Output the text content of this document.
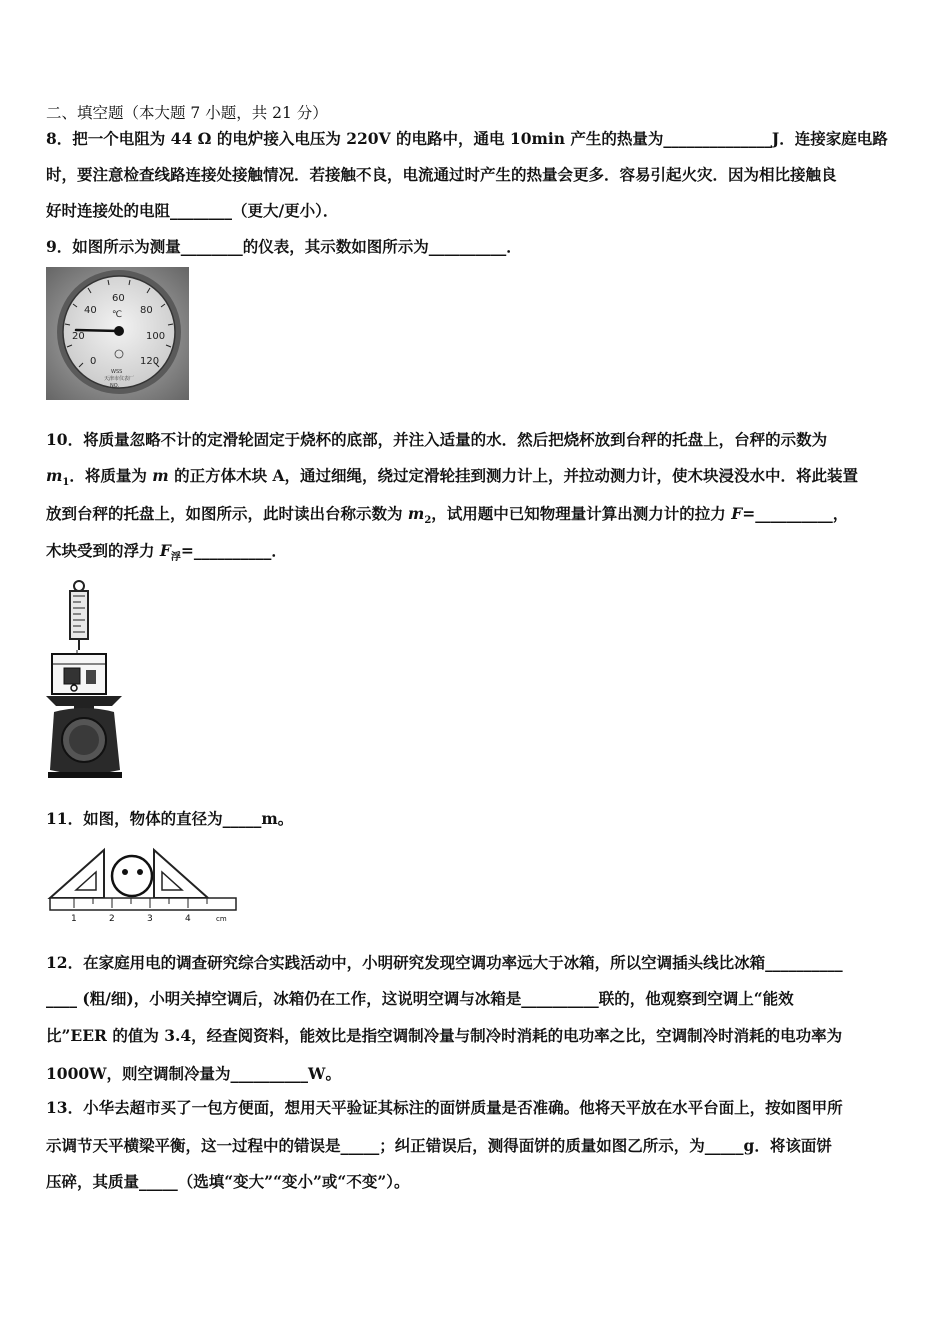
二、填空题（本大题 7 小题，共 21 分）
8．把一个电阻为 44 Ω 的电炉接入电压为 220V 的电路中，通电 10min 产生的热量为______________J．连接家庭电路
时，要注意检查线路连接处接触情况．若接触不良，电流通过时产生的热量会更多．容易引起火灾．因为相比接触良
好时连接处的电阻________（更大/更小）．
9．如图所示为测量________的仪表，其示数如图所示为__________．
0
20
40
60
80
100
120
℃
WSS
天津市仪表厂
NO.
10．将质量忽略不计的定滑轮固定于烧杯的底部，并注入适量的水．然后把烧杯放到台秤的托盘上，台秤的示数为
$m_1$．将质量为 m 的正方体木块 A，通过细绳，绕过定滑轮挂到测力计上，并拉动测力计，使木块浸没水中．将此装置
放到台秤的托盘上，如图所示，此时读出台称示数为 $m_2$，试用题中已知物理量计算出测力计的拉力 F=__________，
木块受到的浮力 $F_浮=\_\_\_\_\_\_\_\_\_\_$．
11．如图，物体的直径为_____m。
1	2	3	4	cm
12．在家庭用电的调查研究综合实践活动中，小明研究发现空调功率远大于冰箱，所以空调插头线比冰箱__________
____ (粗/细)，小明关掉空调后，冰箱仍在工作，这说明空调与冰箱是__________联的，他观察到空调上“能效
比”EER 的值为 3.4，经查阅资料，能效比是指空调制冷量与制冷时消耗的电功率之比，空调制冷时消耗的电功率为
1000W，则空调制冷量为__________W。
13．小华去超市买了一包方便面，想用天平验证其标注的面饼质量是否准确。他将天平放在水平台面上，按如图甲所
示调节天平横梁平衡，这一过程中的错误是_____；纠正错误后，测得面饼的质量如图乙所示，为_____g．将该面饼
压碎，其质量_____（选填“变大”“变小”或“不变”）。
